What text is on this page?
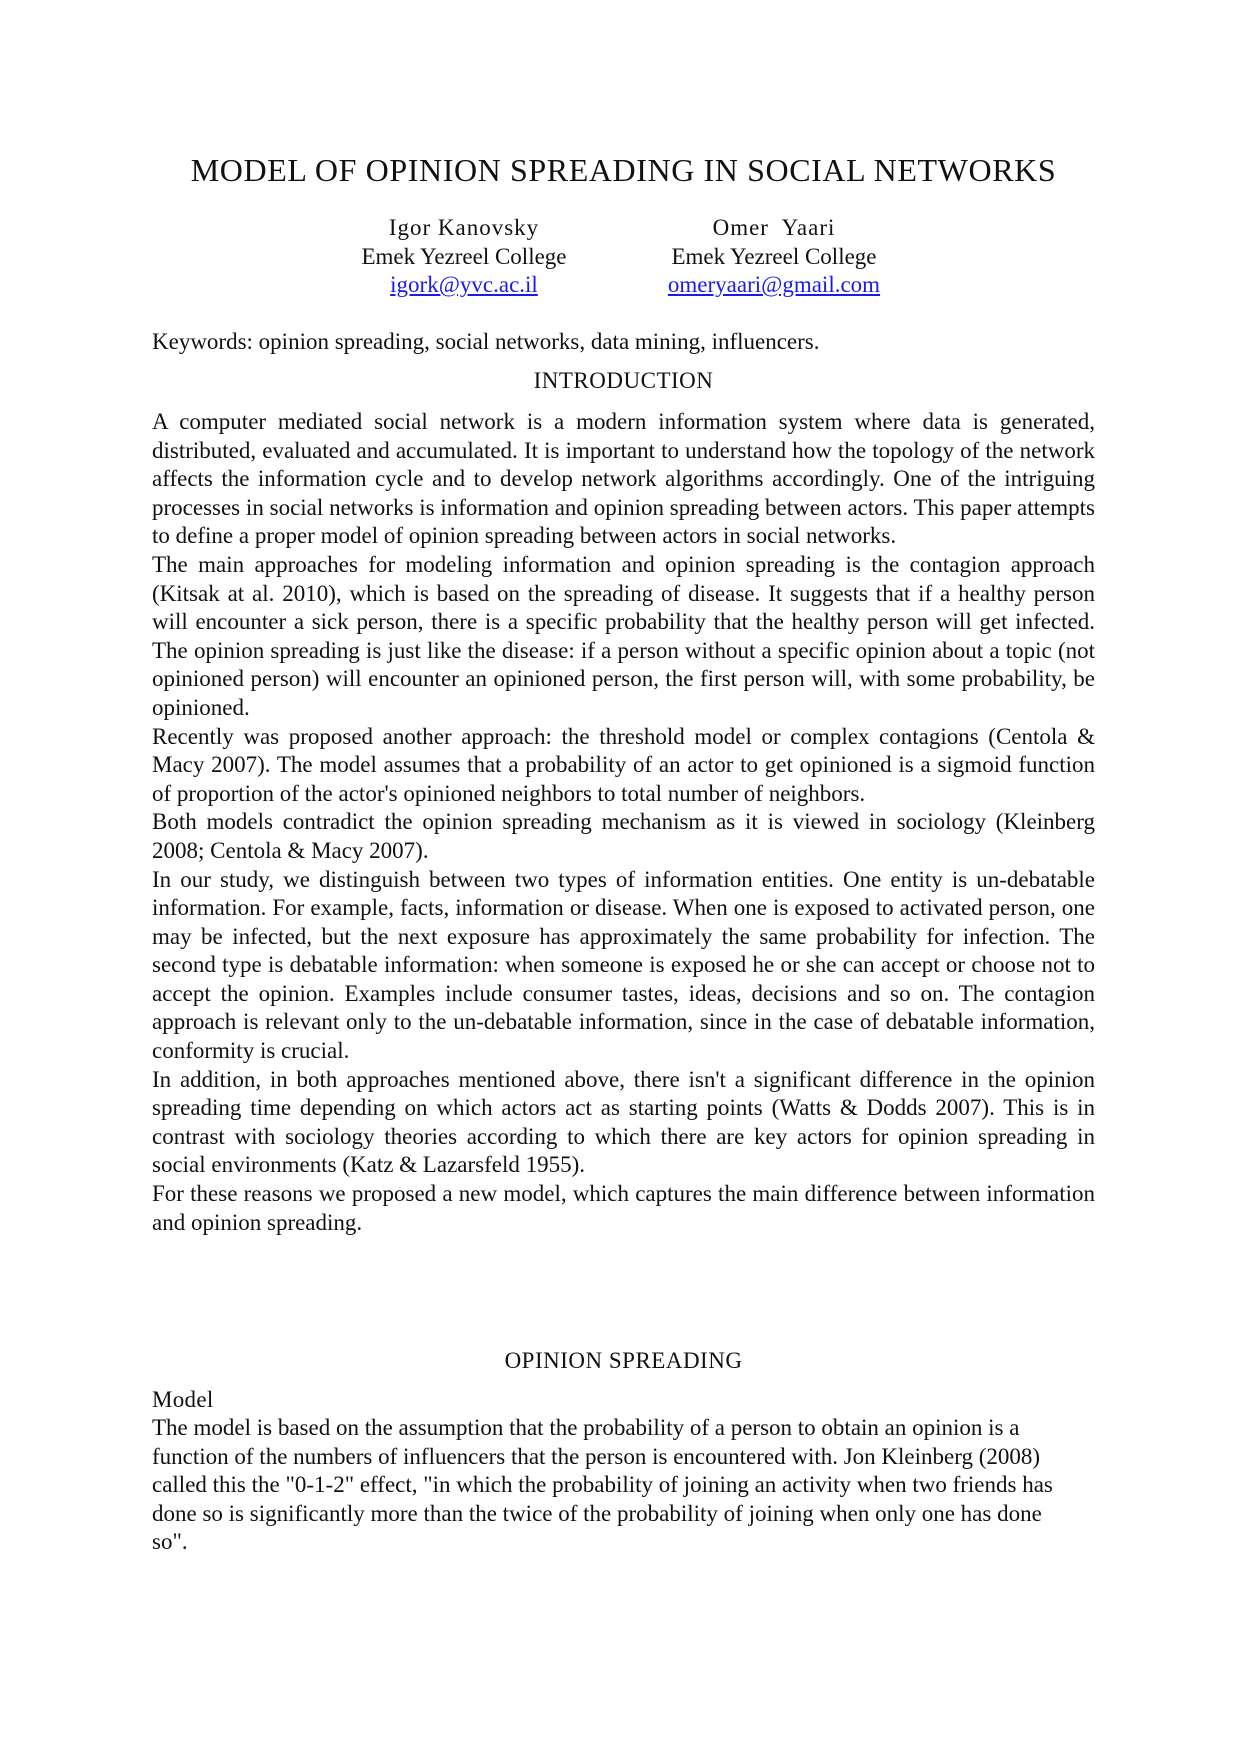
MODEL OF OPINION SPREADING IN SOCIAL NETWORKS
Igor Kanovsky
Emek Yezreel College
igork@yvc.ac.il
Omer  Yaari
Emek Yezreel College
omeryaari@gmail.com

Keywords: opinion spreading, social networks, data mining, influencers.

INTRODUCTION

A computer mediated social network is a modern information system where data is generated, distributed, evaluated and accumulated. It is important to understand how the topology of the network affects the information cycle and to develop network algorithms accordingly. One of the intriguing processes in social networks is information and opinion spreading between actors. This paper attempts to define a proper model of opinion spreading between actors in social networks.

The main approaches for modeling information and opinion spreading is the contagion approach (Kitsak at al. 2010), which is based on the spreading of disease. It suggests that if a healthy person will encounter a sick person, there is a specific probability that the healthy person will get infected. The opinion spreading is just like the disease: if a person without a specific opinion about a topic (not opinioned person) will encounter an opinioned person, the first person will, with some probability, be opinioned.

Recently was proposed another approach: the threshold model or complex contagions (Centola & Macy 2007). The model assumes that a probability of an actor to get opinioned is a sigmoid function of proportion of the actor's opinioned neighbors to total number of neighbors.

Both models contradict the opinion spreading mechanism as it is viewed in sociology (Kleinberg 2008; Centola & Macy 2007).

In our study, we distinguish between two types of information entities. One entity is un-debatable information. For example, facts, information or disease. When one is exposed to activated person, one may be infected, but the next exposure has approximately the same probability for infection. The second type is debatable information: when someone is exposed he or she can accept or choose not to accept the opinion. Examples include consumer tastes, ideas, decisions and so on. The contagion approach is relevant only to the un-debatable information, since in the case of debatable information, conformity is crucial.

In addition, in both approaches mentioned above, there isn't a significant difference in the opinion spreading time depending on which actors act as starting points (Watts & Dodds 2007). This is in contrast with sociology theories according to which there are key actors for opinion spreading in social environments (Katz & Lazarsfeld 1955).

For these reasons we proposed a new model, which captures the main difference between information and opinion spreading.

OPINION SPREADING
Model

The model is based on the assumption that the probability of a person to obtain an opinion is a function of the numbers of influencers that the person is encountered with. Jon Kleinberg (2008) called this the "0-1-2" effect, "in which the probability of joining an activity when two friends has done so is significantly more than the twice of the probability of joining when only one has done so".
